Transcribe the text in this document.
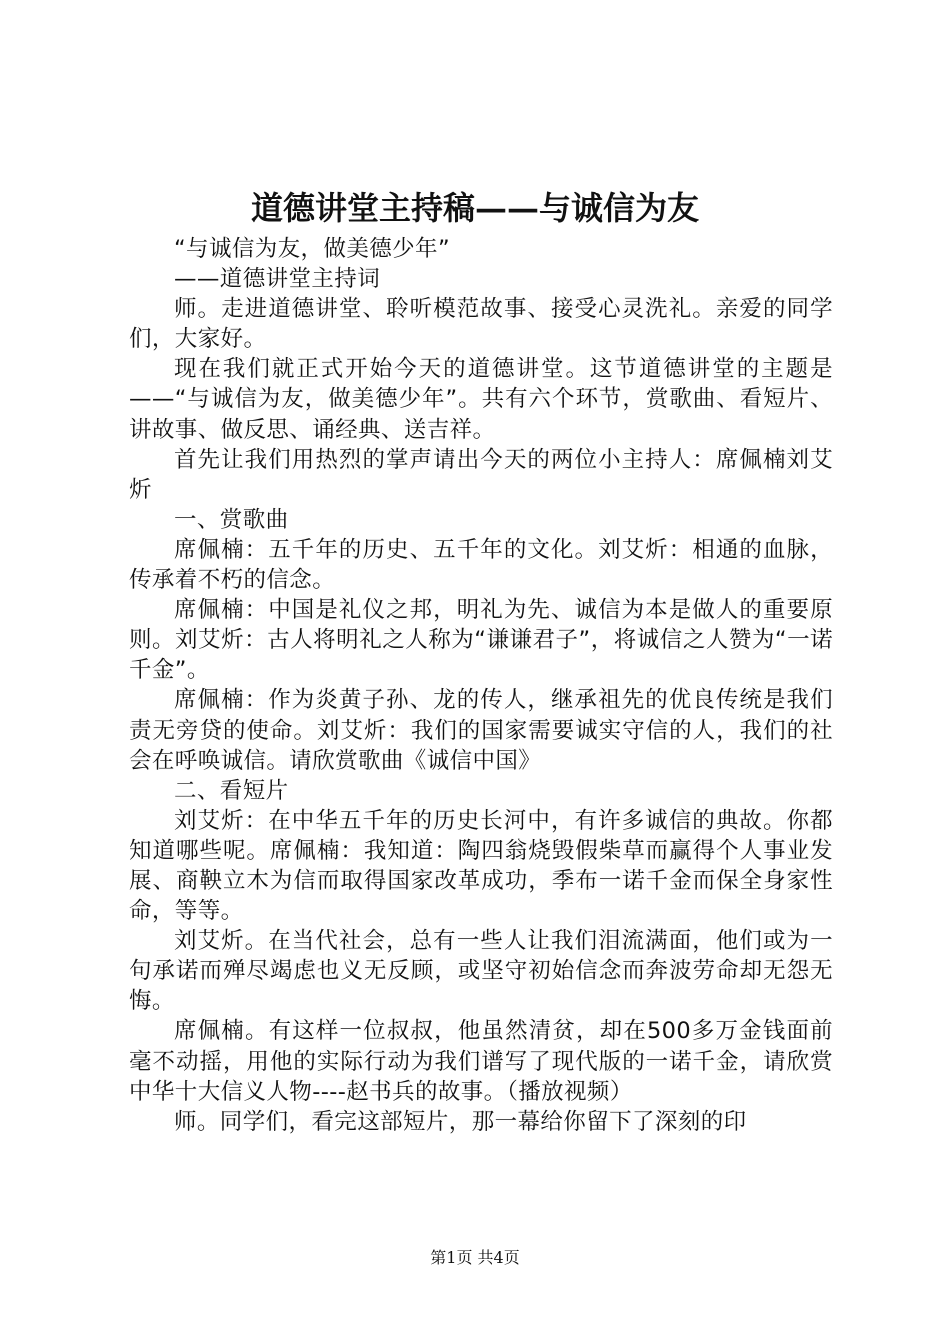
道德讲堂主持稿——与诚信为友

“与诚信为友，做美德少年”

——道德讲堂主持词

师。走进道德讲堂、聆听模范故事、接受心灵洗礼。亲爱的同学们，大家好。

现在我们就正式开始今天的道德讲堂。这节道德讲堂的主题是——“与诚信为友，做美德少年”。共有六个环节，赏歌曲、看短片、讲故事、做反思、诵经典、送吉祥。

首先让我们用热烈的掌声请出今天的两位小主持人：席佩楠刘艾炘

一、赏歌曲

席佩楠：五千年的历史、五千年的文化。刘艾炘：相通的血脉，传承着不朽的信念。

席佩楠：中国是礼仪之邦，明礼为先、诚信为本是做人的重要原则。刘艾炘：古人将明礼之人称为“谦谦君子”，将诚信之人赞为“一诺千金”。

席佩楠：作为炎黄子孙、龙的传人，继承祖先的优良传统是我们责无旁贷的使命。刘艾炘：我们的国家需要诚实守信的人，我们的社会在呼唤诚信。请欣赏歌曲《诚信中国》

二、看短片

刘艾炘：在中华五千年的历史长河中，有许多诚信的典故。你都知道哪些呢。席佩楠：我知道：陶四翁烧毁假柴草而赢得个人事业发展、商鞅立木为信而取得国家改革成功，季布一诺千金而保全身家性命，等等。

刘艾炘。在当代社会，总有一些人让我们泪流满面，他们或为一句承诺而殚尽竭虑也义无反顾，或坚守初始信念而奔波劳命却无怨无悔。

席佩楠。有这样一位叔叔，他虽然清贫，却在500多万金钱面前毫不动摇，用他的实际行动为我们谱写了现代版的一诺千金，请欣赏中华十大信义人物----赵书兵的故事。（播放视频）

师。同学们，看完这部短片，那一幕给你留下了深刻的印

第1页 共4页
